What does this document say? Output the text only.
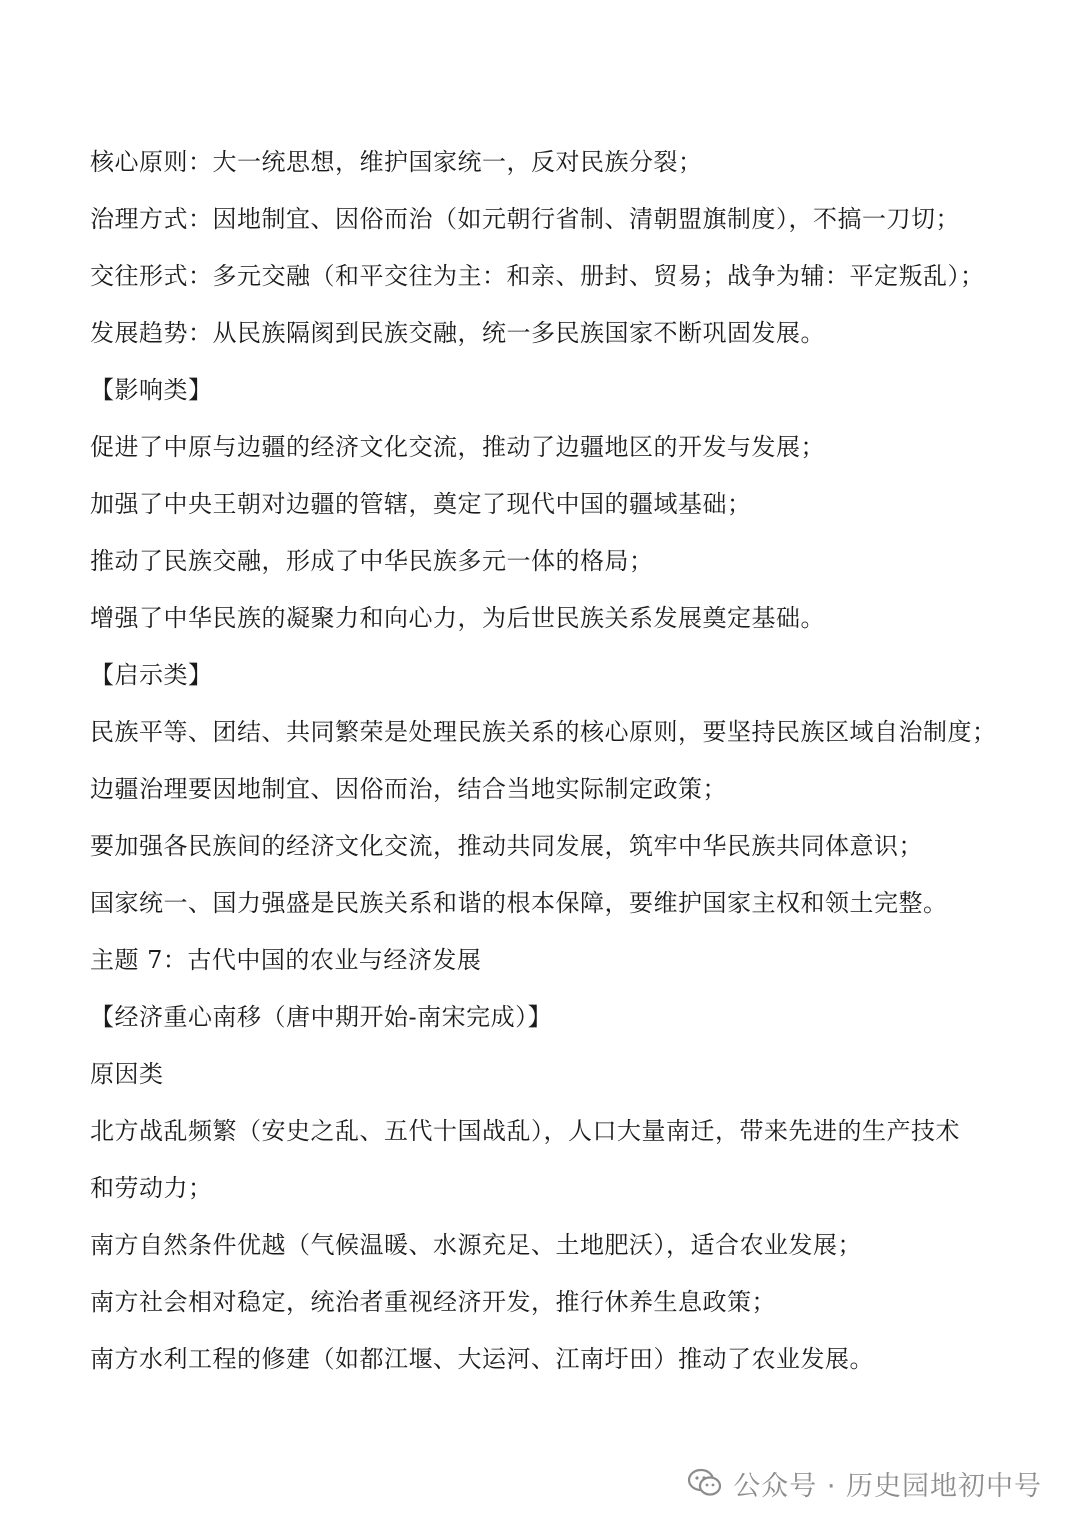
核心原则：大一统思想，维护国家统一，反对民族分裂；
治理方式：因地制宜、因俗而治（如元朝行省制、清朝盟旗制度），不搞一刀切；
交往形式：多元交融（和平交往为主：和亲、册封、贸易；战争为辅：平定叛乱）；
发展趋势：从民族隔阂到民族交融，统一多民族国家不断巩固发展。
【影响类】
促进了中原与边疆的经济文化交流，推动了边疆地区的开发与发展；
加强了中央王朝对边疆的管辖，奠定了现代中国的疆域基础；
推动了民族交融，形成了中华民族多元一体的格局；
增强了中华民族的凝聚力和向心力，为后世民族关系发展奠定基础。
【启示类】
民族平等、团结、共同繁荣是处理民族关系的核心原则，要坚持民族区域自治制度；
边疆治理要因地制宜、因俗而治，结合当地实际制定政策；
要加强各民族间的经济文化交流，推动共同发展，筑牢中华民族共同体意识；
国家统一、国力强盛是民族关系和谐的根本保障，要维护国家主权和领土完整。
主题 7：古代中国的农业与经济发展
【经济重心南移（唐中期开始-南宋完成）】
原因类
北方战乱频繁（安史之乱、五代十国战乱），人口大量南迁，带来先进的生产技术
和劳动力；
南方自然条件优越（气候温暖、水源充足、土地肥沃），适合农业发展；
南方社会相对稳定，统治者重视经济开发，推行休养生息政策；
南方水利工程的修建（如都江堰、大运河、江南圩田）推动了农业发展。
公众号 · 历史园地初中号
